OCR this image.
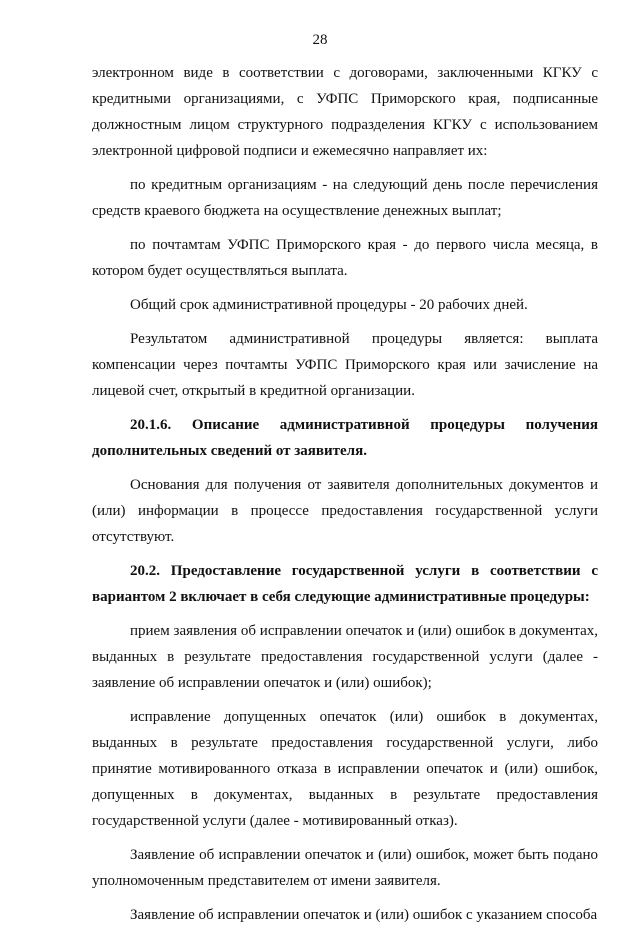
28

электронном виде в соответствии с договорами, заключенными КГКУ с кредитными организациями, с УФПС Приморского края, подписанные должностным лицом структурного подразделения КГКУ с использованием электронной цифровой подписи и ежемесячно направляет их:

по кредитным организациям - на следующий день после перечисления средств краевого бюджета на осуществление денежных выплат;

по почтамтам УФПС Приморского края - до первого числа месяца, в котором будет осуществляться выплата.

Общий срок административной процедуры - 20 рабочих дней.

Результатом административной процедуры является: выплата компенсации через почтамты УФПС Приморского края или зачисление на лицевой счет, открытый в кредитной организации.

20.1.6. Описание административной процедуры получения дополнительных сведений от заявителя.

Основания для получения от заявителя дополнительных документов и (или) информации в процессе предоставления государственной услуги отсутствуют.

20.2. Предоставление государственной услуги в соответствии с вариантом 2 включает в себя следующие административные процедуры:

прием заявления об исправлении опечаток и (или) ошибок в документах, выданных в результате предоставления государственной услуги (далее - заявление об исправлении опечаток и (или) ошибок);

исправление допущенных опечаток (или) ошибок в документах, выданных в результате предоставления государственной услуги, либо принятие мотивированного отказа в исправлении опечаток и (или) ошибок, допущенных в документах, выданных в результате предоставления государственной услуги (далее - мотивированный отказ).

Заявление об исправлении опечаток и (или) ошибок, может быть подано уполномоченным представителем от имени заявителя.

Заявление об исправлении опечаток и (или) ошибок с указанием способа
